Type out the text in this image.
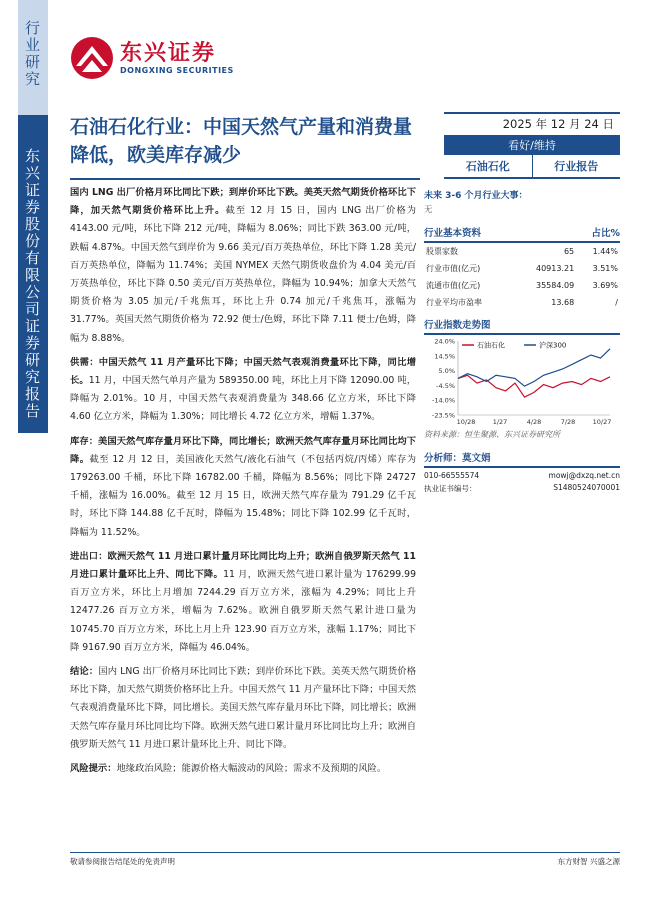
行业研究
东兴证券股份有限公司证券研究报告
东兴证券
DONGXING SECURITIES
石油石化行业：中国天然气产量和消费量降低，欧美库存减少
2025 年 12 月 24 日
看好/维持
石油石化	行业报告

国内 LNG 出厂价格月环比同比下跌；到岸价环比下跌。美英天然气期货价格环比下降，加天然气期货价格环比上升。截至 12 月 15 日，国内 LNG 出厂价格为 4143.00 元/吨，环比下降 212 元/吨，降幅为 8.06%；同比下跌 363.00 元/吨，跌幅 4.87%。中国天然气到岸价为 9.66 美元/百万英热单位，环比下降 1.28 美元/百万英热单位，降幅为 11.74%；美国 NYMEX 天然气期货收盘价为 4.04 美元/百万英热单位，环比下降 0.50 美元/百万英热单位，降幅为 10.94%；加拿大天然气期货价格为 3.05 加元/千兆焦耳，环比上升 0.74 加元/千兆焦耳，涨幅为 31.77%。英国天然气期货价格为 72.92 便士/色姆，环比下降 7.11 便士/色姆，降幅为 8.88%。

供需：中国天然气 11 月产量环比下降；中国天然气表观消费量环比下降，同比增长。11 月，中国天然气单月产量为 589350.00 吨，环比上月下降 12090.00 吨，降幅为 2.01%。10 月，中国天然气表观消费量为 348.66 亿立方米，环比下降 4.60 亿立方米，降幅为 1.30%；同比增长 4.72 亿立方米，增幅 1.37%。

库存：美国天然气库存量月环比下降，同比增长；欧洲天然气库存量月环比同比均下降。截至 12 月 12 日，美国液化天然气/液化石油气（不包括丙烷/丙烯）库存为 179263.00 千桶，环比下降 16782.00 千桶，降幅为 8.56%；同比下降 24727 千桶，涨幅为 16.00%。截至 12 月 15 日，欧洲天然气库存量为 791.29 亿千瓦时，环比下降 144.88 亿千瓦时，降幅为 15.48%；同比下降 102.99 亿千瓦时，降幅为 11.52%。

进出口：欧洲天然气 11 月进口累计量月环比同比均上升；欧洲自俄罗斯天然气 11 月进口累计量环比上升、同比下降。11 月，欧洲天然气进口累计量为 176299.99 百万立方米，环比上月增加 7244.29 百万立方米，涨幅为 4.29%；同比上升 12477.26 百万立方米，增幅为 7.62%。欧洲自俄罗斯天然气累计进口量为 10745.70 百万立方米，环比上月上升 123.90 百万立方米，涨幅 1.17%；同比下降 9167.90 百万立方米，降幅为 46.04%。

结论：国内 LNG 出厂价格月环比同比下跌；到岸价环比下跌。美英天然气期货价格环比下降，加天然气期货价格环比上升。中国天然气 11 月产量环比下降；中国天然气表观消费量环比下降，同比增长。美国天然气库存量月环比下降，同比增长；欧洲天然气库存量月环比同比均下降。欧洲天然气进口累计量月环比同比均上升；欧洲自俄罗斯天然气 11 月进口累计量环比上升、同比下降。

风险提示：地缘政治风险；能源价格大幅波动的风险；需求不及预期的风险。

未来 3-6 个月行业大事：
无
行业基本资料	占比%
股票家数	65	1.44%
行业市值(亿元)	40913.21	3.51%
流通市值(亿元)	35584.09	3.69%
行业平均市盈率	13.68	/
行业指数走势图
24.0%
14.5%
5.0%
-4.5%
-14.0%
-23.5%
10/28	1/27	4/28	7/28	10/27
石油石化	沪深300
资料来源：恒生聚源、东兴证券研究所
分析师：莫文娟
010-66555574	mowj@dxzq.net.cn
执业证书编号：	S1480524070001
敬请参阅报告结尾处的免责声明	东方财智 兴盛之源
